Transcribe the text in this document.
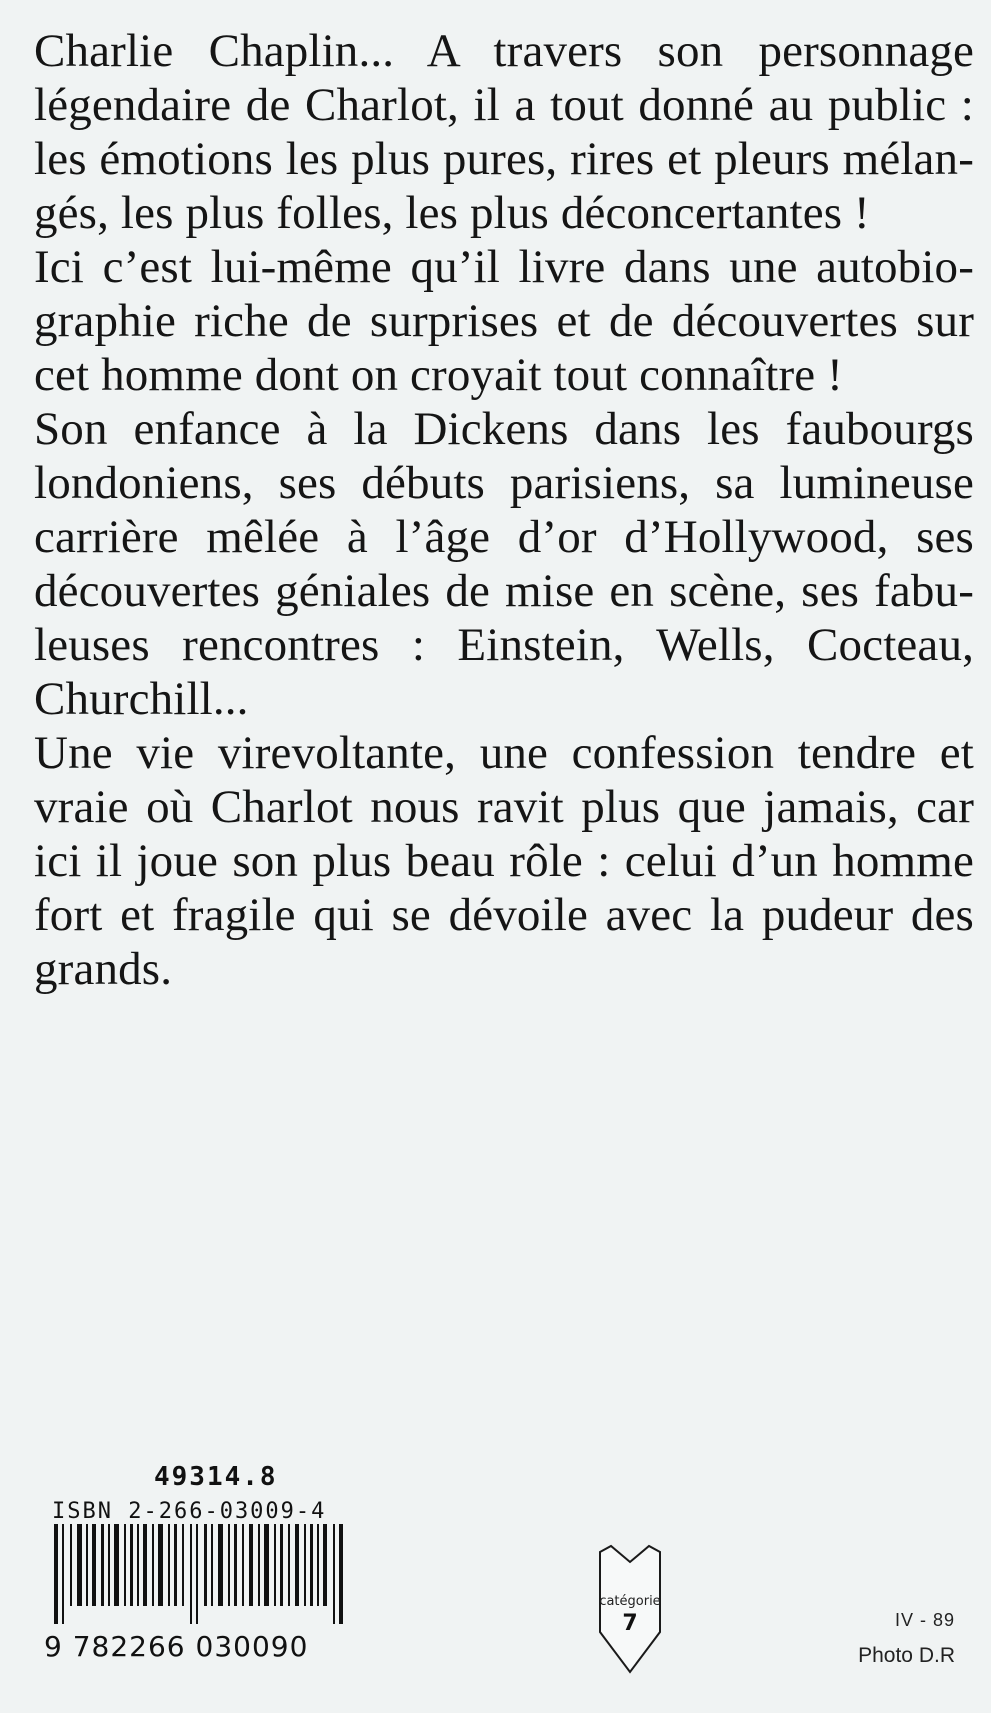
Charlie Chaplin... A travers son personnage
légendaire de Charlot, il a tout donné au public :
les émotions les plus pures, rires et pleurs mélan-
gés, les plus folles, les plus déconcertantes !
Ici c’est lui-même qu’il livre dans une autobio-
graphie riche de surprises et de découvertes sur
cet homme dont on croyait tout connaître !
Son enfance à la Dickens dans les faubourgs
londoniens, ses débuts parisiens, sa lumineuse
carrière mêlée à l’âge d’or d’Hollywood, ses
découvertes géniales de mise en scène, ses fabu-
leuses rencontres : Einstein, Wells, Cocteau,
Churchill...
Une vie virevoltante, une confession tendre et
vraie où Charlot nous ravit plus que jamais, car
ici il joue son plus beau rôle : celui d’un homme
fort et fragile qui se dévoile avec la pudeur des
grands.
49314.8
ISBN 2-266-03009-4
9 782266 030090
catégorie
7	IV - 89
Photo D.R
